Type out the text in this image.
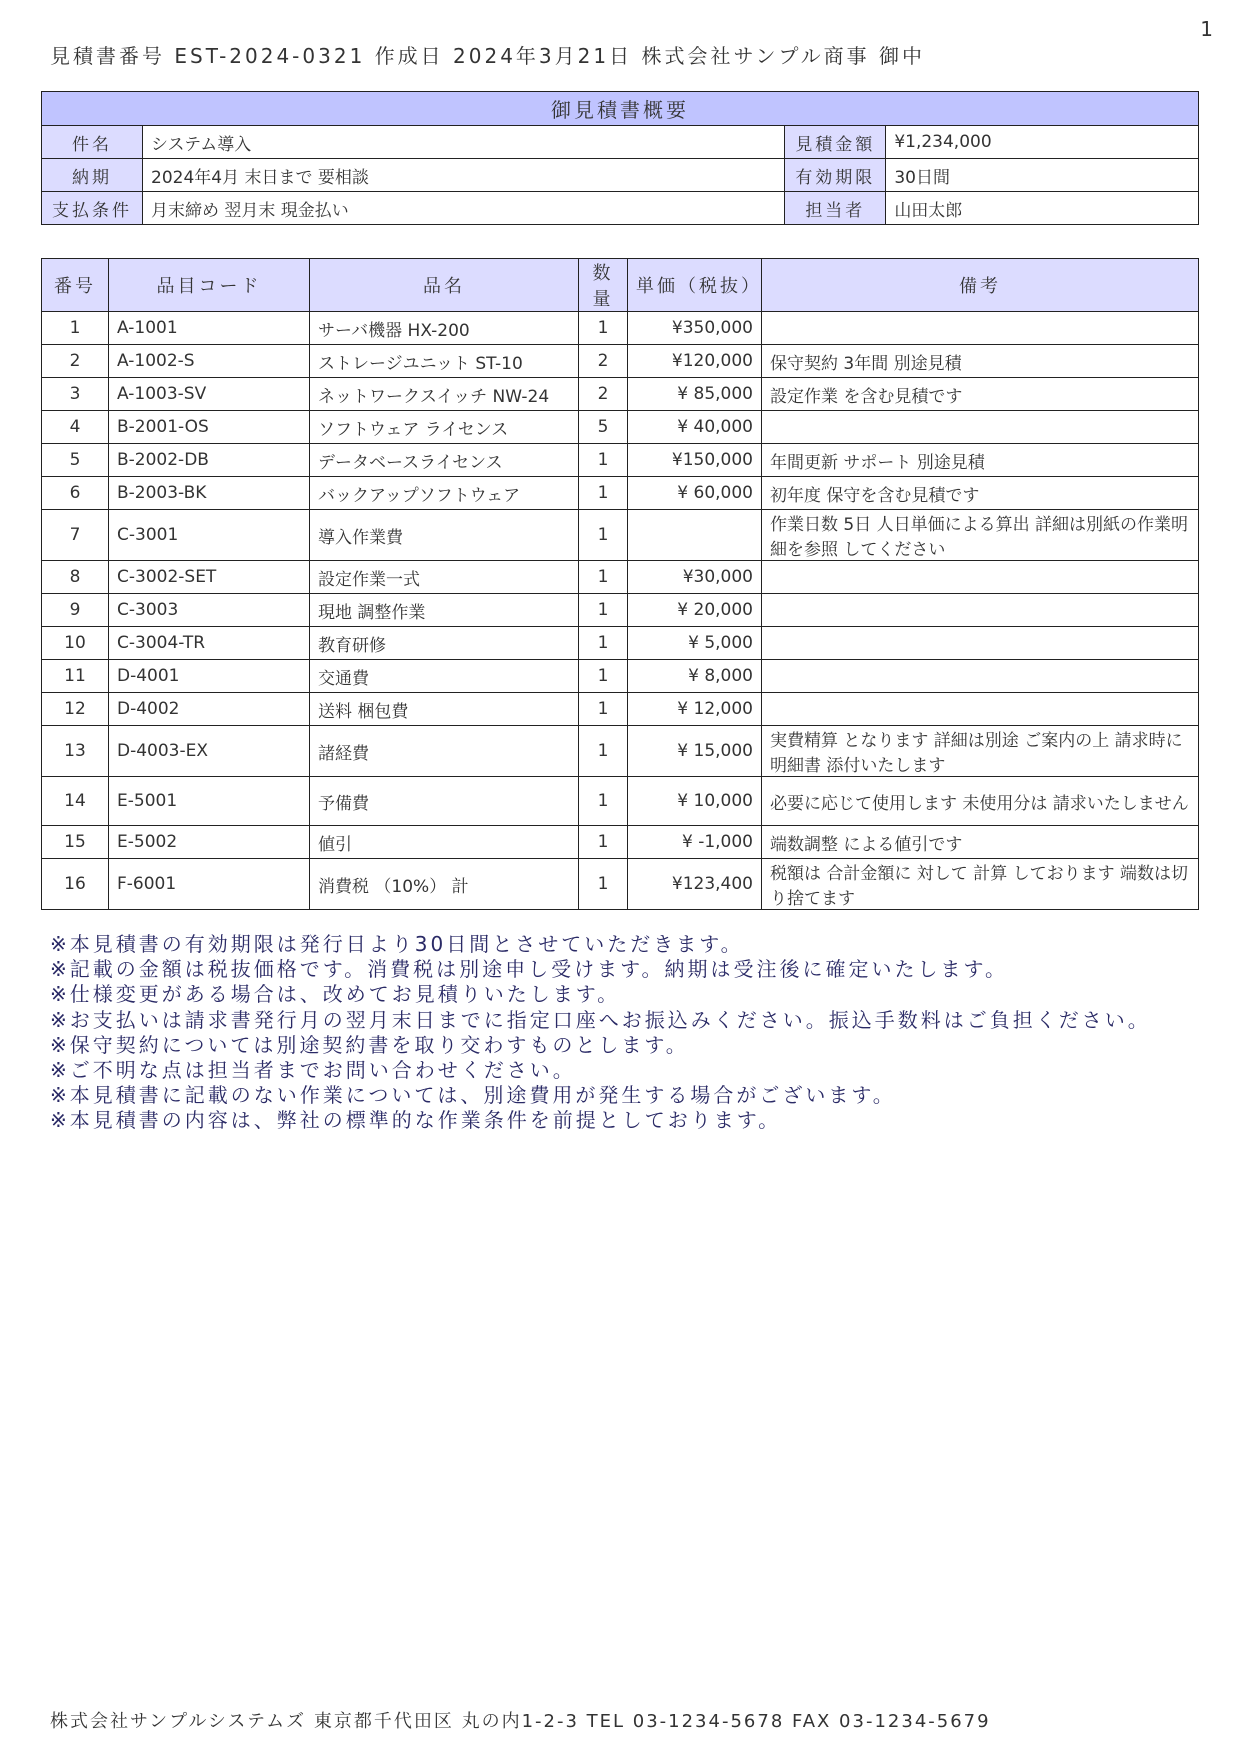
1
見積書番号 EST-2024-0321 作成日 2024年3月21日 株式会社サンプル商事 御中
御見積書概要			
件名	システム導入	見積金額	¥1,234,000
納期	2024年4月 末日まで 要相談	有効期限	30日間
支払条件	月末締め 翌月末 現金払い	担当者	山田太郎
番号	品目コード	品名	数量	単価（税抜）	備考
1	A-1001	サーバ機器 HX-200	1	¥350,000	
2	A-1002-S	ストレージユニット ST-10	2	¥120,000	保守契約 3年間 別途見積
3	A-1003-SV	ネットワークスイッチ NW-24	2	¥ 85,000	設定作業 を含む見積です
4	B-2001-OS	ソフトウェア ライセンス	5	¥ 40,000	
5	B-2002-DB	データベースライセンス	1	¥150,000	年間更新 サポート 別途見積
6	B-2003-BK	バックアップソフトウェア	1	¥ 60,000	初年度 保守を含む見積です
7	C-3001	導入作業費	1		作業日数 5日 人日単価による算出 詳細は別紙の作業明細を参照 してください
8	C-3002-SET	設定作業一式	1	¥30,000	
9	C-3003	現地 調整作業	1	¥ 20,000	
10	C-3004-TR	教育研修	1	¥ 5,000	
11	D-4001	交通費	1	¥ 8,000	
12	D-4002	送料 梱包費	1	¥ 12,000	
13	D-4003-EX	諸経費	1	¥ 15,000	実費精算 となります 詳細は別途 ご案内の上 請求時に 明細書 添付いたします
14	E-5001	予備費	1	¥ 10,000	必要に応じて使用します 未使用分は 請求いたしません
15	E-5002	値引	1	¥ -1,000	端数調整 による値引です
16	F-6001	消費税 （10%） 計	1	¥123,400	税額は 合計金額に 対して 計算 しております 端数は切り捨てます
※本見積書の有効期限は発行日より30日間とさせていただきます。
※記載の金額は税抜価格です。消費税は別途申し受けます。納期は受注後に確定いたします。
※仕様変更がある場合は、改めてお見積りいたします。
※お支払いは請求書発行月の翌月末日までに指定口座へお振込みください。振込手数料はご負担ください。
※保守契約については別途契約書を取り交わすものとします。
※ご不明な点は担当者までお問い合わせください。
※本見積書に記載のない作業については、別途費用が発生する場合がございます。
※本見積書の内容は、弊社の標準的な作業条件を前提としております。
株式会社サンプルシステムズ 東京都千代田区 丸の内1-2-3 TEL 03-1234-5678 FAX 03-1234-5679
